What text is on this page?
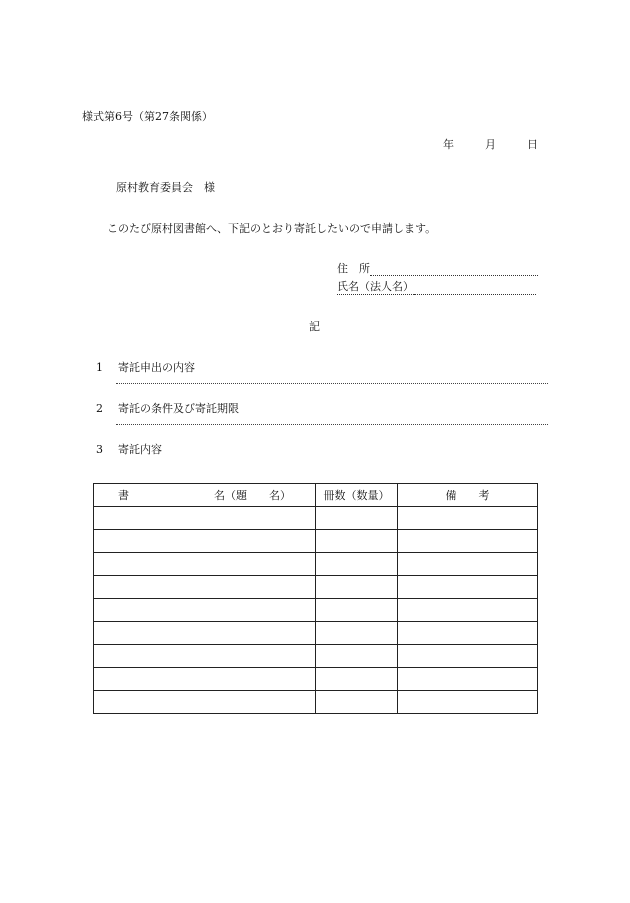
様式第6号（第27条関係）
年	月	日
原村教育委員会　様
このたび原村図書館へ、下記のとおり寄託したいので申請します。
住　所
氏名（法人名）
記
1 寄託申出の内容
2 寄託の条件及び寄託期限
3 寄託内容
書 名（題　　名）	冊数（数量）	備　　考
